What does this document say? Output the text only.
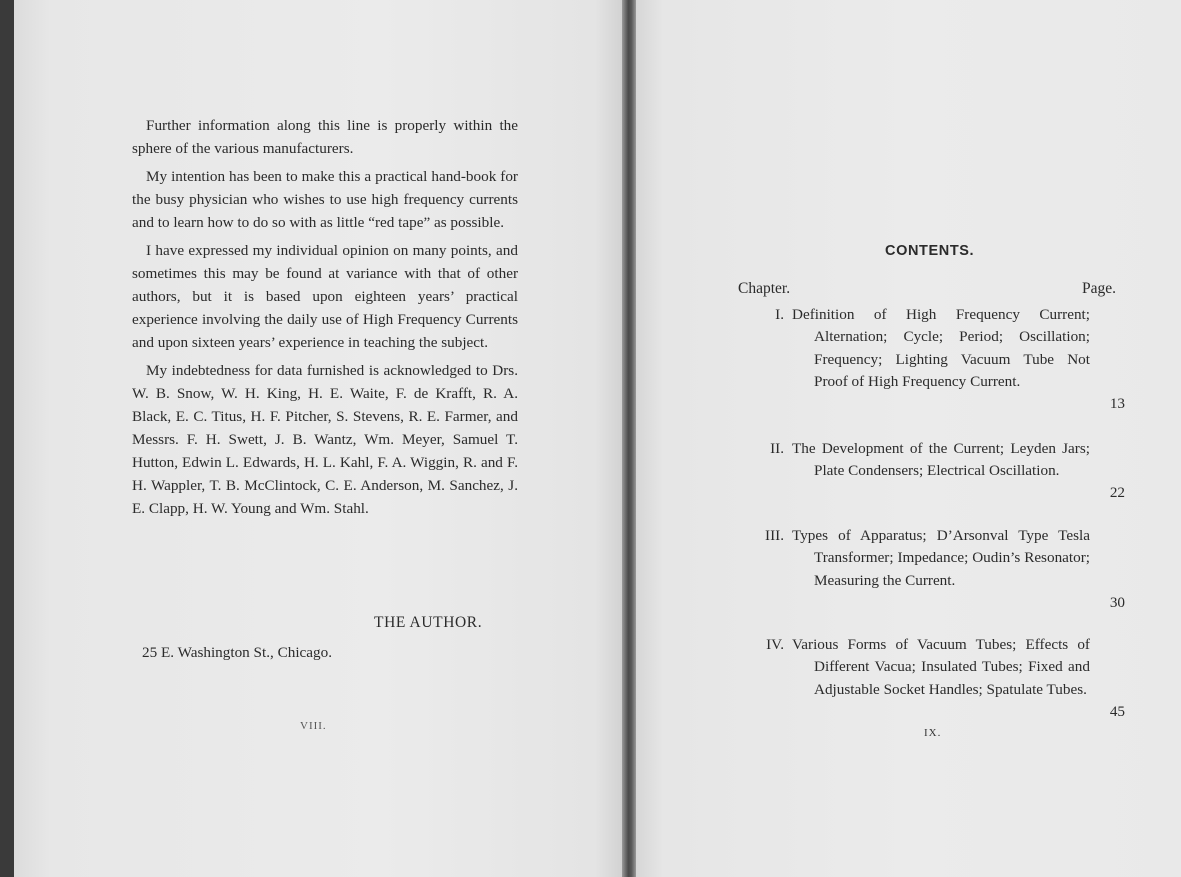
Further information along this line is properly within the sphere of the various manufacturers.

My intention has been to make this a practical hand-book for the busy physician who wishes to use high frequency currents and to learn how to do so with as little “red tape” as possible.

I have expressed my individual opinion on many points, and sometimes this may be found at variance with that of other authors, but it is based upon eighteen years’ practical experience involving the daily use of High Frequency Currents and upon sixteen years’ experience in teaching the subject.

My indebtedness for data furnished is acknowledged to Drs. W. B. Snow, W. H. King, H. E. Waite, F. de Krafft, R. A. Black, E. C. Titus, H. F. Pitcher, S. Stevens, R. E. Farmer, and Messrs. F. H. Swett, J. B. Wantz, Wm. Meyer, Samuel T. Hutton, Edwin L. Edwards, H. L. Kahl, F. A. Wiggin, R. and F. H. Wappler, T. B. McClintock, C. E. Anderson, M. Sanchez, J. E. Clapp, H. W. Young and Wm. Stahl.

THE AUTHOR.
25 E. Washington St., Chicago.
VIII.
CONTENTS.
Chapter.	Page.
I. Definition of High Frequency Current; Alternation; Cycle; Period; Oscillation; Frequency; Lighting Vacuum Tube Not Proof of High Frequency Current.
13
II. The Development of the Current; Leyden Jars; Plate Condensers; Electrical Oscillation.
22
III. Types of Apparatus; D’Arsonval Type Tesla Transformer; Impedance; Oudin’s Resonator; Measuring the Current.
30
IV. Various Forms of Vacuum Tubes; Effects of Different Vacua; Insulated Tubes; Fixed and Adjustable Socket Handles; Spatulate Tubes.
45
IX.
